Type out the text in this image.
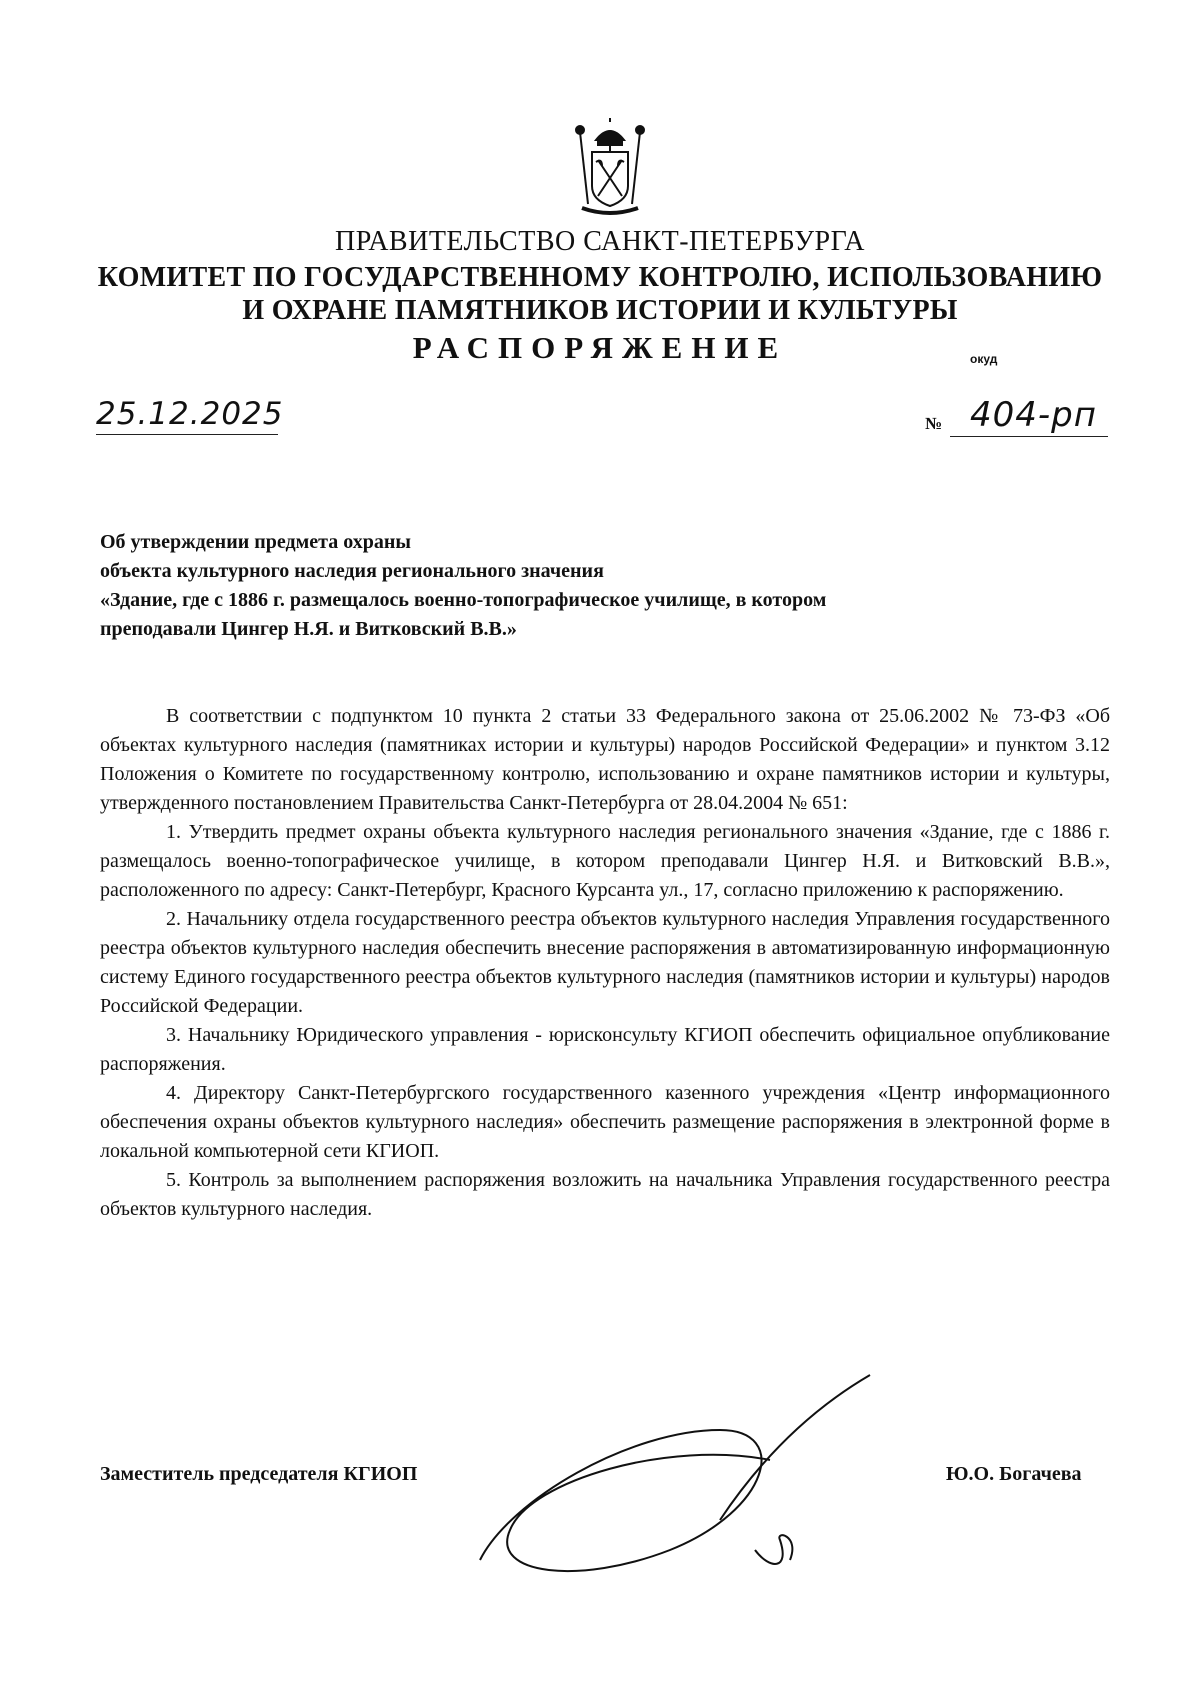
ПРАВИТЕЛЬСТВО САНКТ-ПЕТЕРБУРГА
КОМИТЕТ ПО ГОСУДАРСТВЕННОМУ КОНТРОЛЮ, ИСПОЛЬЗОВАНИЮ
И ОХРАНЕ ПАМЯТНИКОВ ИСТОРИИ И КУЛЬТУРЫ
РАСПОРЯЖЕНИЕ	окуд
25.12.2025	№ 404-рп
Об утверждении предмета охраны
объекта культурного наследия регионального значения
«Здание, где с 1886 г. размещалось военно-топографическое училище, в котором
преподавали Цингер Н.Я. и Витковский В.В.»

В соответствии с подпунктом 10 пункта 2 статьи 33 Федерального закона от 25.06.2002 № 73-ФЗ «Об объектах культурного наследия (памятниках истории и культуры) народов Российской Федерации» и пунктом 3.12 Положения о Комитете по государственному контролю, использованию и охране памятников истории и культуры, утвержденного постановлением Правительства Санкт-Петербурга от 28.04.2004 № 651:

1. Утвердить предмет охраны объекта культурного наследия регионального значения «Здание, где с 1886 г. размещалось военно-топографическое училище, в котором преподавали Цингер Н.Я. и Витковский В.В.», расположенного по адресу: Санкт-Петербург, Красного Курсанта ул., 17, согласно приложению к распоряжению.

2. Начальнику отдела государственного реестра объектов культурного наследия Управления государственного реестра объектов культурного наследия обеспечить внесение распоряжения в автоматизированную информационную систему Единого государственного реестра объектов культурного наследия (памятников истории и культуры) народов Российской Федерации.

3. Начальнику Юридического управления - юрисконсульту КГИОП обеспечить официальное опубликование распоряжения.

4. Директору Санкт-Петербургского государственного казенного учреждения «Центр информационного обеспечения охраны объектов культурного наследия» обеспечить размещение распоряжения в электронной форме в локальной компьютерной сети КГИОП.

5. Контроль за выполнением распоряжения возложить на начальника Управления государственного реестра объектов культурного наследия.

Заместитель председателя КГИОП	Ю.О. Богачева
